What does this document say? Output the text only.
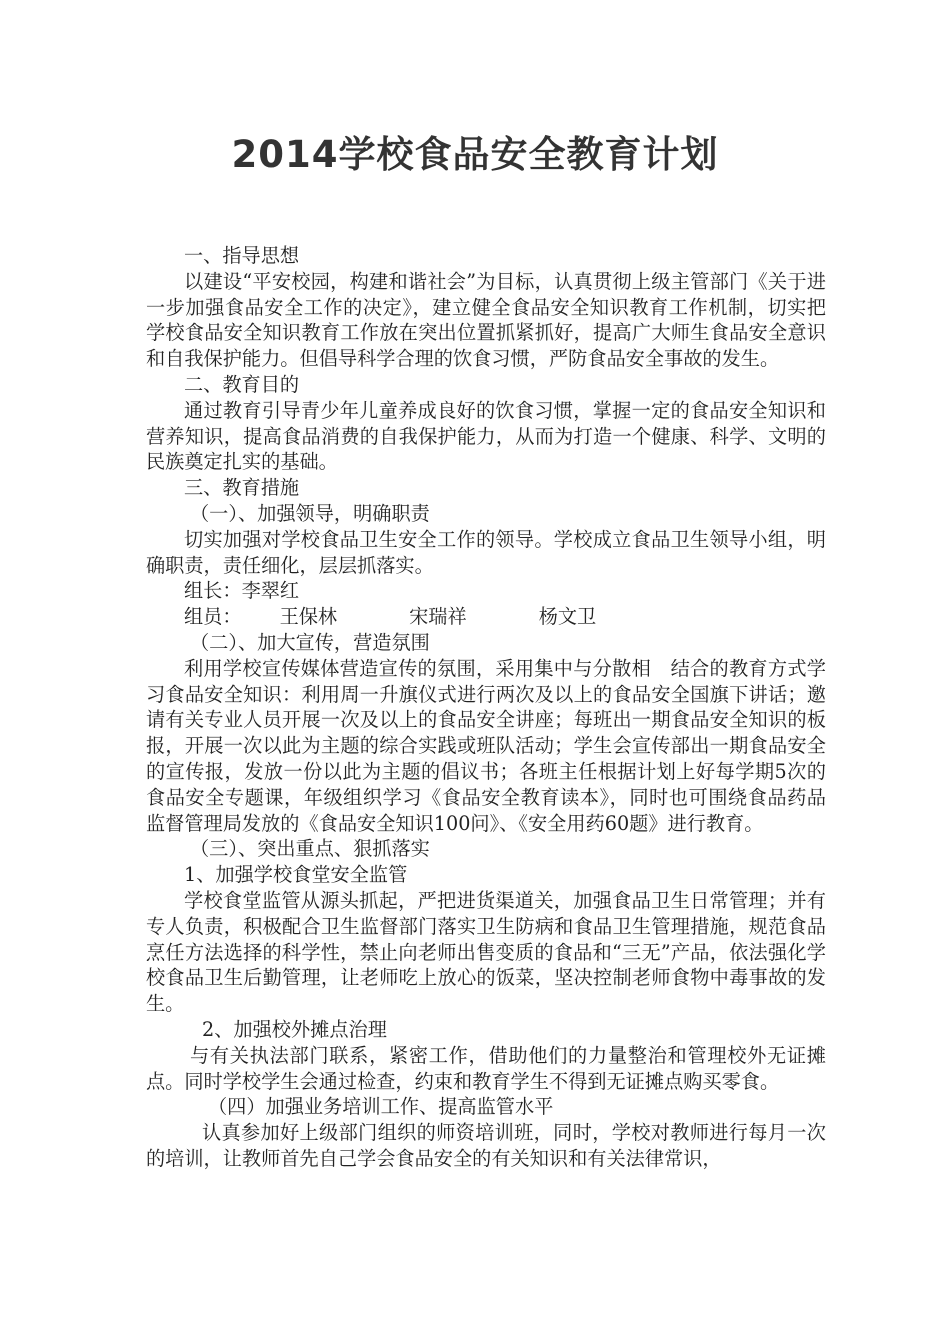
2014学校食品安全教育计划

一、指导思想

以建设“平安校园，构建和谐社会”为目标，认真贯彻上级主管部门《关于进一步加强食品安全工作的决定》，建立健全食品安全知识教育工作机制，切实把学校食品安全知识教育工作放在突出位置抓紧抓好，提高广大师生食品安全意识和自我保护能力。但倡导科学合理的饮食习惯，严防食品安全事故的发生。

二、教育目的

通过教育引导青少年儿童养成良好的饮食习惯，掌握一定的食品安全知识和营养知识，提高食品消费的自我保护能力，从而为打造一个健康、科学、文明的民族奠定扎实的基础。

三、教育措施

（一）、加强领导，明确职责

切实加强对学校食品卫生安全工作的领导。学校成立食品卫生领导小组，明确职责，责任细化，层层抓落实。

组长：李翠红

组员： 王保林	宋瑞祥	杨文卫

（二）、加大宣传，营造氛围

利用学校宣传媒体营造宣传的氛围，采用集中与分散相　结合的教育方式学习食品安全知识：利用周一升旗仪式进行两次及以上的食品安全国旗下讲话；邀请有关专业人员开展一次及以上的食品安全讲座；每班出一期食品安全知识的板报，开展一次以此为主题的综合实践或班队活动；学生会宣传部出一期食品安全的宣传报，发放一份以此为主题的倡议书；各班主任根据计划上好每学期5次的食品安全专题课，年级组织学习《食品安全教育读本》，同时也可围绕食品药品监督管理局发放的《食品安全知识100问》、《安全用药60题》进行教育。

（三）、突出重点、狠抓落实

1、加强学校食堂安全监管

学校食堂监管从源头抓起，严把进货渠道关，加强食品卫生日常管理；并有专人负责，积极配合卫生监督部门落实卫生防病和食品卫生管理措施，规范食品烹任方法选择的科学性，禁止向老师出售变质的食品和“三无”产品，依法强化学校食品卫生后勤管理，让老师吃上放心的饭菜，坚决控制老师食物中毒事故的发生。

2、加强校外摊点治理

与有关执法部门联系，紧密工作，借助他们的力量整治和管理校外无证摊点。同时学校学生会通过检查，约束和教育学生不得到无证摊点购买零食。

（四）加强业务培训工作、提高监管水平

认真参加好上级部门组织的师资培训班，同时，学校对教师进行每月一次的培训，让教师首先自己学会食品安全的有关知识和有关法律常识，
